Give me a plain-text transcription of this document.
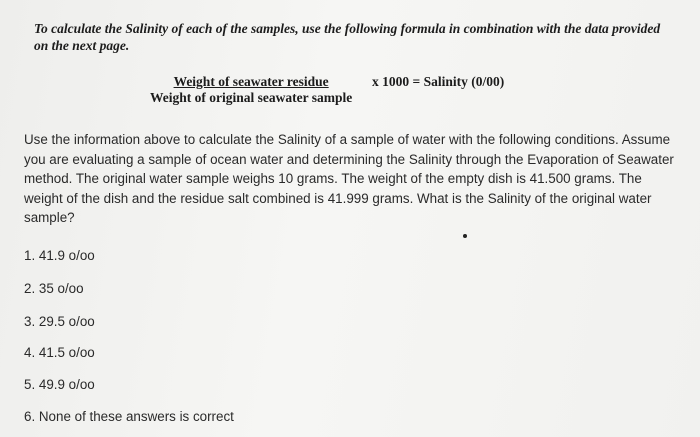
To calculate the Salinity of each of the samples, use the following formula in combination with the data provided on the next page.
$\frac{\text{Weight of seawater residue}}{\text{Weight of original seawater sample}}$ x 1000 = Salinity (0/00)
Use the information above to calculate the Salinity of a sample of water with the following conditions. Assume you are evaluating a sample of ocean water and determining the Salinity through the Evaporation of Seawater method. The original water sample weighs 10 grams. The weight of the empty dish is 41.500 grams. The weight of the dish and the residue salt combined is 41.999 grams. What is the Salinity of the original water sample?
1. 41.9 o/oo
2. 35 o/oo
3. 29.5 o/oo
4. 41.5 o/oo
5. 49.9 o/oo
6. None of these answers is correct
